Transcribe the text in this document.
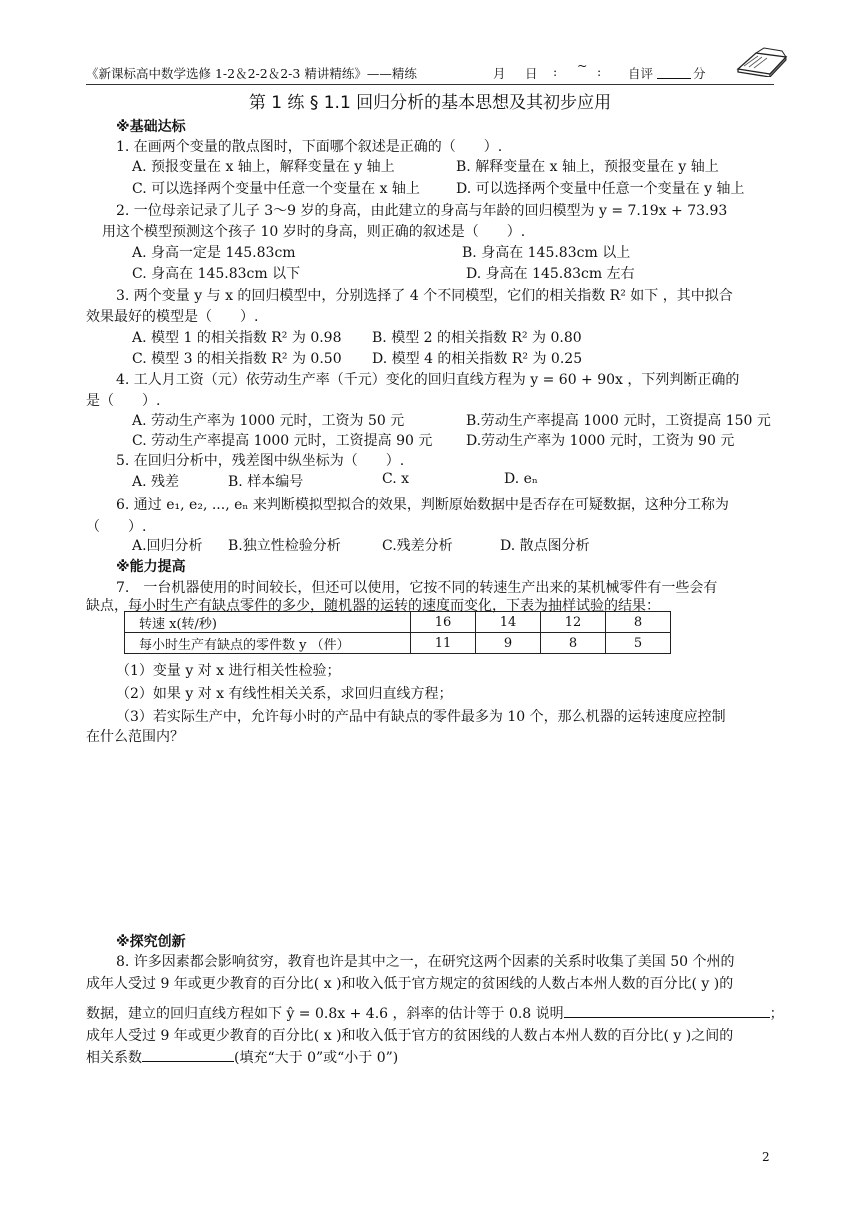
《新课标高中数学选修 1-2＆2-2＆2-3 精讲精练》——精练	月 日 : ~ : 自评	分
第 1 练 § 1.1 回归分析的基本思想及其初步应用
※基础达标
1. 在画两个变量的散点图时，下面哪个叙述是正确的（　　）.
A. 预报变量在 x 轴上，解释变量在 y 轴上	B. 解释变量在 x 轴上，预报变量在 y 轴上
C. 可以选择两个变量中任意一个变量在 x 轴上	D. 可以选择两个变量中任意一个变量在 y 轴上
2. 一位母亲记录了儿子 3～9 岁的身高，由此建立的身高与年龄的回归模型为 y = 7.19x + 73.93
用这个模型预测这个孩子 10 岁时的身高，则正确的叙述是（　　）.
A. 身高一定是 145.83cm	B. 身高在 145.83cm 以上
C. 身高在 145.83cm 以下	D. 身高在 145.83cm 左右
3. 两个变量 y 与 x 的回归模型中，分别选择了 4 个不同模型，它们的相关指数 R² 如下 ，其中拟合
效果最好的模型是（　　）.
A. 模型 1 的相关指数 R² 为 0.98 B. 模型 2 的相关指数 R² 为 0.80
C. 模型 3 的相关指数 R² 为 0.50 D. 模型 4 的相关指数 R² 为 0.25
4. 工人月工资（元）依劳动生产率（千元）变化的回归直线方程为 y = 60 + 90x ，下列判断正确的
是（　　）.
A. 劳动生产率为 1000 元时，工资为 50 元	B.劳动生产率提高 1000 元时，工资提高 150 元
C. 劳动生产率提高 1000 元时，工资提高 90 元 D.劳动生产率为 1000 元时，工资为 90 元
5. 在回归分析中，残差图中纵坐标为（　　）.
A. 残差	B. 样本编号	C. x	D. eₙ
6. 通过 e₁, e₂, ..., eₙ 来判断模拟型拟合的效果，判断原始数据中是否存在可疑数据，这种分工称为
（　　）.
A.回归分析 B.独立性检验分析	C.残差分析	D. 散点图分析
※能力提高
7.　一台机器使用的时间较长，但还可以使用，它按不同的转速生产出来的某机械零件有一些会有
缺点，每小时生产有缺点零件的多少，随机器的运转的速度而变化，下表为抽样试验的结果：
转速 x(转/秒)	16	14	12	8
每小时生产有缺点的零件数 y （件）	11	9	8	5
（1）变量 y 对 x 进行相关性检验；
（2）如果 y 对 x 有线性相关关系，求回归直线方程；
（3）若实际生产中，允许每小时的产品中有缺点的零件最多为 10 个，那么机器的运转速度应控制
在什么范围内？
※探究创新
8. 许多因素都会影响贫穷，教育也许是其中之一，在研究这两个因素的关系时收集了美国 50 个州的
成年人受过 9 年或更少教育的百分比( x )和收入低于官方规定的贫困线的人数占本州人数的百分比( y )的
数据，建立的回归直线方程如下 ŷ = 0.8x + 4.6 ，斜率的估计等于 0.8 说明	；
成年人受过 9 年或更少教育的百分比( x )和收入低于官方的贫困线的人数占本州人数的百分比( y )之间的
相关系数	(填充“大于 0”或“小于 0”)
2
